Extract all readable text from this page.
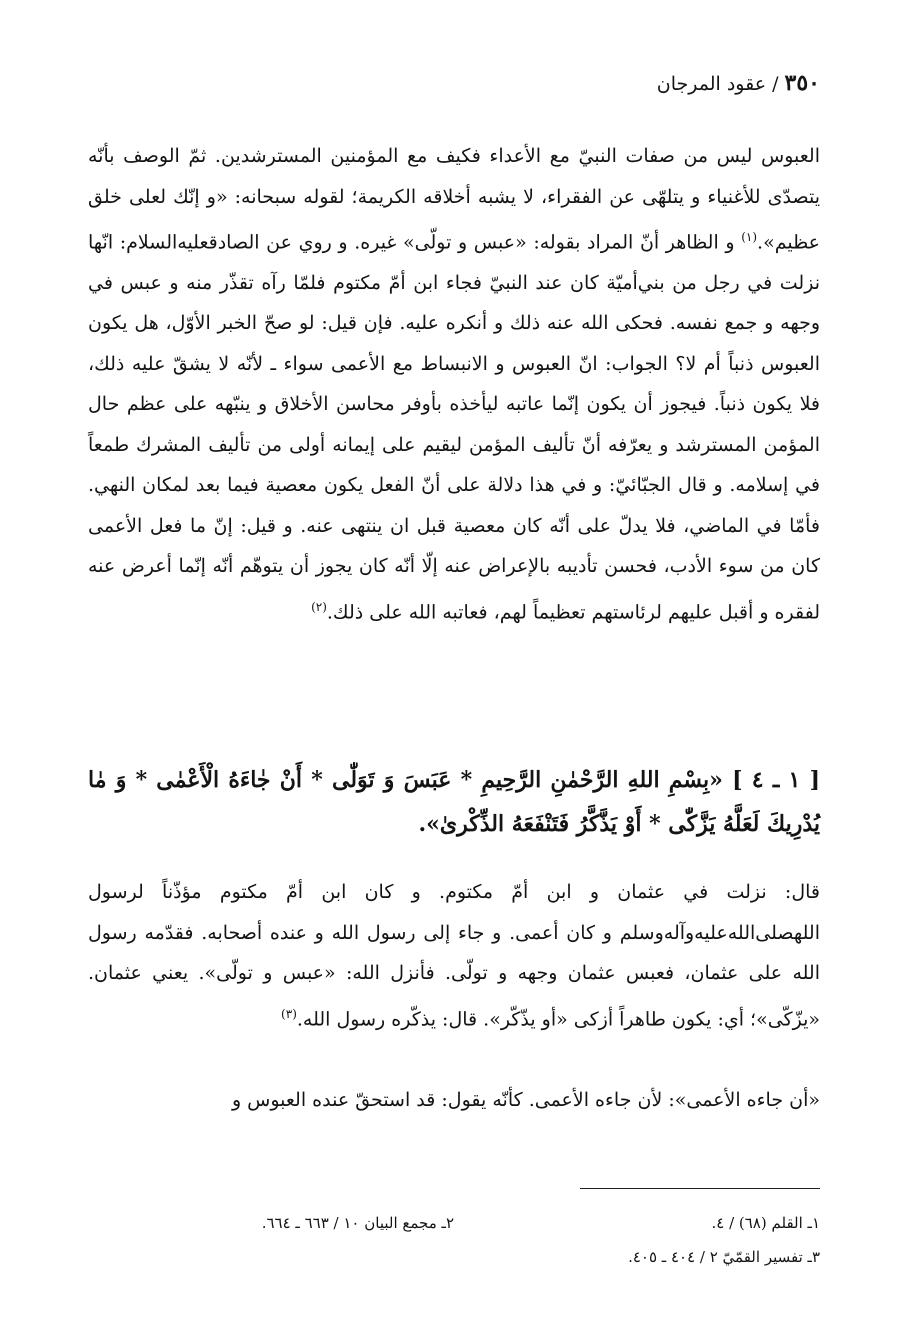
٣٥٠ / عقود المرجان

العبوس ليس من صفات النبيّ مع الأعداء فكيف مع المؤمنين المسترشدين. ثمّ الوصف بأنّه يتصدّى للأغنياء و يتلهّى عن الفقراء، لا يشبه أخلاقه الكريمة؛ لقوله سبحانه: «و إنّك لعلى خلق عظيم».$^{(١)}$ و الظاهر أنّ المراد بقوله: «عبس و تولّى» غيره. و روي عن الصادقعليه‌السلام: انّها نزلت في رجل من بني‌أميّة كان عند النبيّ فجاء ابن أمّ مكتوم فلمّا رآه تقذّر منه و عبس في وجهه و جمع نفسه. فحكى الله عنه ذلك و أنكره عليه. فإن قيل: لو صحّ الخبر الأوّل، هل يكون العبوس ذنباً أم لا؟ الجواب: انّ العبوس و الانبساط مع الأعمى سواء ـ لأنّه لا يشقّ عليه ذلك، فلا يكون ذنباً. فيجوز أن يكون إنّما عاتبه ليأخذه بأوفر محاسن الأخلاق و ينبّهه على عظم حال المؤمن المسترشد و يعرّفه أنّ تأليف المؤمن ليقيم على إيمانه أولى من تأليف المشرك طمعاً في إسلامه. و قال الجبّائيّ: و في هذا دلالة على أنّ الفعل يكون معصية فيما بعد لمكان النهي. فأمّا في الماضي، فلا يدلّ على أنّه كان معصية قبل ان ينتهى عنه. و قيل: إنّ ما فعل الأعمى كان من سوء الأدب، فحسن تأديبه بالإعراض عنه إلّا أنّه كان يجوز أن يتوهّم أنّه إنّما أعرض عنه لفقره و أقبل عليهم لرئاستهم تعظيماً لهم، فعاتبه الله على ذلك.$^{(٢)}$

[ ١ ـ ٤ ] «بِسْمِ اللهِ الرَّحْمٰنِ الرَّحِيمِ * عَبَسَ وَ تَوَلّٰى * أَنْ جٰاءَهُ الْأَعْمٰى * وَ مٰا يُدْرِيكَ لَعَلَّهُ يَزَّكّٰى * أَوْ يَذَّكَّرُ فَتَنْفَعَهُ الذِّكْرىٰ».

قال: نزلت في عثمان و ابن أمّ مكتوم. و كان ابن أمّ مكتوم مؤذّناً لرسول اللهصلى‌الله‌عليه‌وآله‌وسلم و كان أعمى. و جاء إلى رسول الله و عنده أصحابه. فقدّمه رسول الله على عثمان، فعبس عثمان وجهه و تولّى. فأنزل الله: «عبس و تولّى». يعني عثمان. «يزّكّى»؛ أي: يكون طاهراً أزكى «أو يذّكّر». قال: يذكّره رسول الله.$^{(٣)}$

«أن جاءه الأعمى»: لأن جاءه الأعمى. كأنّه يقول: قد استحقّ عنده العبوس و

١ـ القلم (٦٨) / ٤.
٢ـ مجمع البيان ١٠ / ٦٦٣ ـ ٦٦٤.
٣ـ تفسير القمّيّ ٢ / ٤٠٤ ـ ٤٠٥.
